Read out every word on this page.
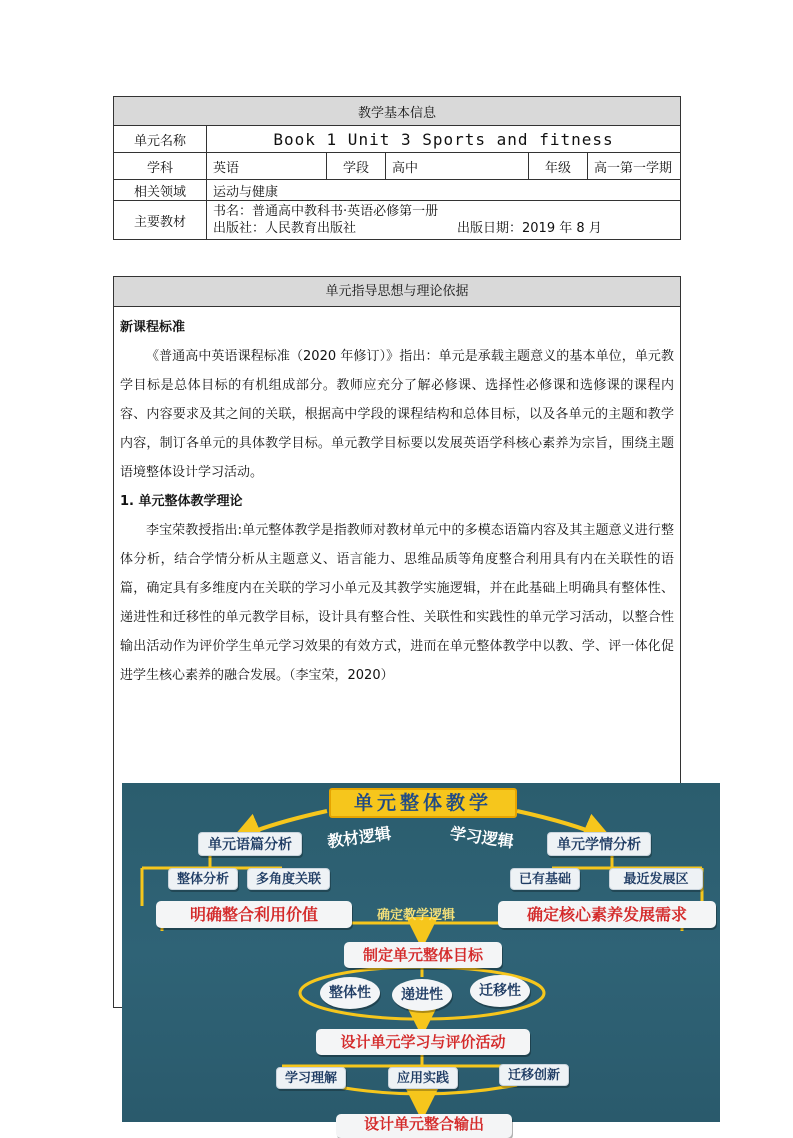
教学基本信息					
单元名称	Book 1 Unit 3 Sports and fitness				
学科	英语	学段	高中	年级	高一第一学期
相关领域	运动与健康				
主要教材	书名：普通高中教科书·英语必修第一册
出版社：人民教育出版社 出版日期：2019 年 8 月				
单元指导思想与理论依据
新课程标准

《普通高中英语课程标准（2020 年修订）》指出：单元是承载主题意义的基本单位，单元教学目标是总体目标的有机组成部分。教师应充分了解必修课、选择性必修课和选修课的课程内容、内容要求及其之间的关联，根据高中学段的课程结构和总体目标，以及各单元的主题和教学内容，制订各单元的具体教学目标。单元教学目标要以发展英语学科核心素养为宗旨，围绕主题语境整体设计学习活动。

1. 单元整体教学理论

李宝荣教授指出:单元整体教学是指教师对教材单元中的多模态语篇内容及其主题意义进行整体分析，结合学情分析从主题意义、语言能力、思维品质等角度整合利用具有内在关联性的语篇，确定具有多维度内在关联的学习小单元及其教学实施逻辑，并在此基础上明确具有整体性、递进性和迁移性的单元教学目标，设计具有整合性、关联性和实践性的单元学习活动，以整合性输出活动作为评价学生单元学习效果的有效方式，进而在单元整体教学中以教、学、评一体化促进学生核心素养的融合发展。（李宝荣，2020）

单元整体教学
教材逻辑	学习逻辑
单元语篇分析	单元学情分析
整体分析	多角度关联	已有基础	最近发展区
明确整合利用价值	确定核心素养发展需求
确定教学逻辑
制定单元整体目标
整体性	递进性	迁移性
设计单元学习与评价活动
学习理解	应用实践	迁移创新
设计单元整合输出
